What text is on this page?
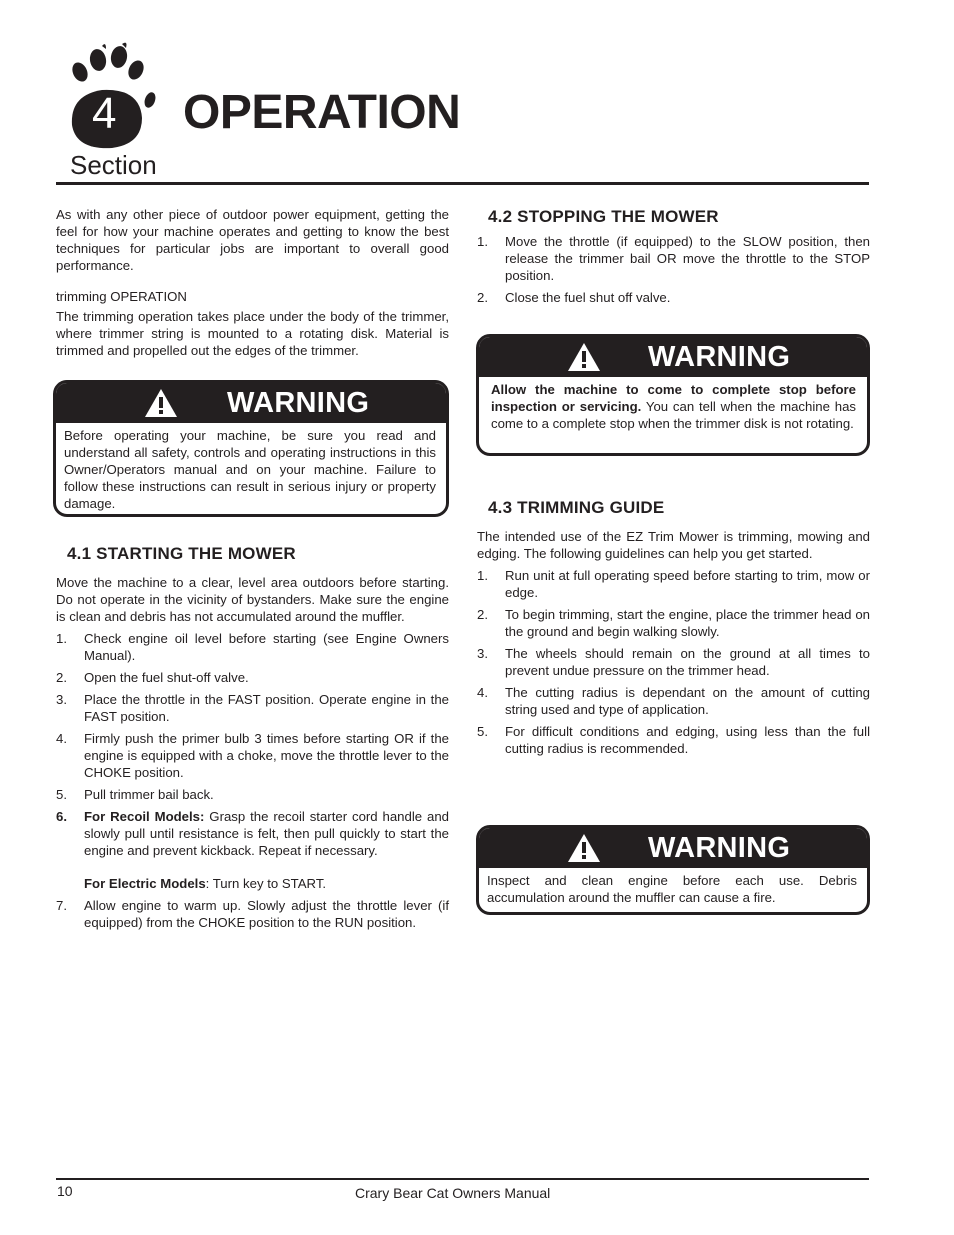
4 OPERATION
Section

As with any other piece of outdoor power equipment, getting the feel for how your machine operates and getting to know the best techniques for particular jobs are important to overall good performance.

trimming OPERATION

The trimming operation takes place under the body of the trimmer, where trimmer string is mounted to a rotating disk. Material is trimmed and propelled out the edges of the trimmer.

WARNING

Before operating your machine, be sure you read and understand all safety, controls and operating instructions in this Owner/Operators manual and on your machine. Failure to follow these instructions can result in serious injury or property damage.

4.1 STARTING THE MOWER

Move the machine to a clear, level area outdoors before starting. Do not operate in the vicinity of bystanders. Make sure the engine is clean and debris has not accumulated around the muffler.

1. Check engine oil level before starting (see Engine Owners Manual).
2. Open the fuel shut-off valve.
3. Place the throttle in the FAST position. Operate engine in the FAST position.
4. Firmly push the primer bulb 3 times before starting OR if the engine is equipped with a choke, move the throttle lever to the CHOKE position.
5. Pull trimmer bail back.
6. For Recoil Models: Grasp the recoil starter cord handle and slowly pull until resistance is felt, then pull quickly to start the engine and prevent kickback. Repeat if necessary.
For Electric Models: Turn key to START.
7. Allow engine to warm up. Slowly adjust the throttle lever (if equipped) from the CHOKE position to the RUN position.
4.2 STOPPING THE MOWER
1. Move the throttle (if equipped) to the SLOW position, then release the trimmer bail OR move the throttle to the STOP position.
2. Close the fuel shut off valve.
WARNING

Allow the machine to come to complete stop before inspection or servicing. You can tell when the machine has come to a complete stop when the trimmer disk is not rotating.

4.3 TRIMMING GUIDE

The intended use of the EZ Trim Mower is trimming, mowing and edging. The following guidelines can help you get started.

1. Run unit at full operating speed before starting to trim, mow or edge.
2. To begin trimming, start the engine, place the trimmer head on the ground and begin walking slowly.
3. The wheels should remain on the ground at all times to prevent undue pressure on the trimmer head.
4. The cutting radius is dependant on the amount of cutting string used and type of application.
5. For difficult conditions and edging, using less than the full cutting radius is recommended.
WARNING

Inspect and clean engine before each use. Debris accumulation around the muffler can cause a fire.

10	Crary Bear Cat Owners Manual
